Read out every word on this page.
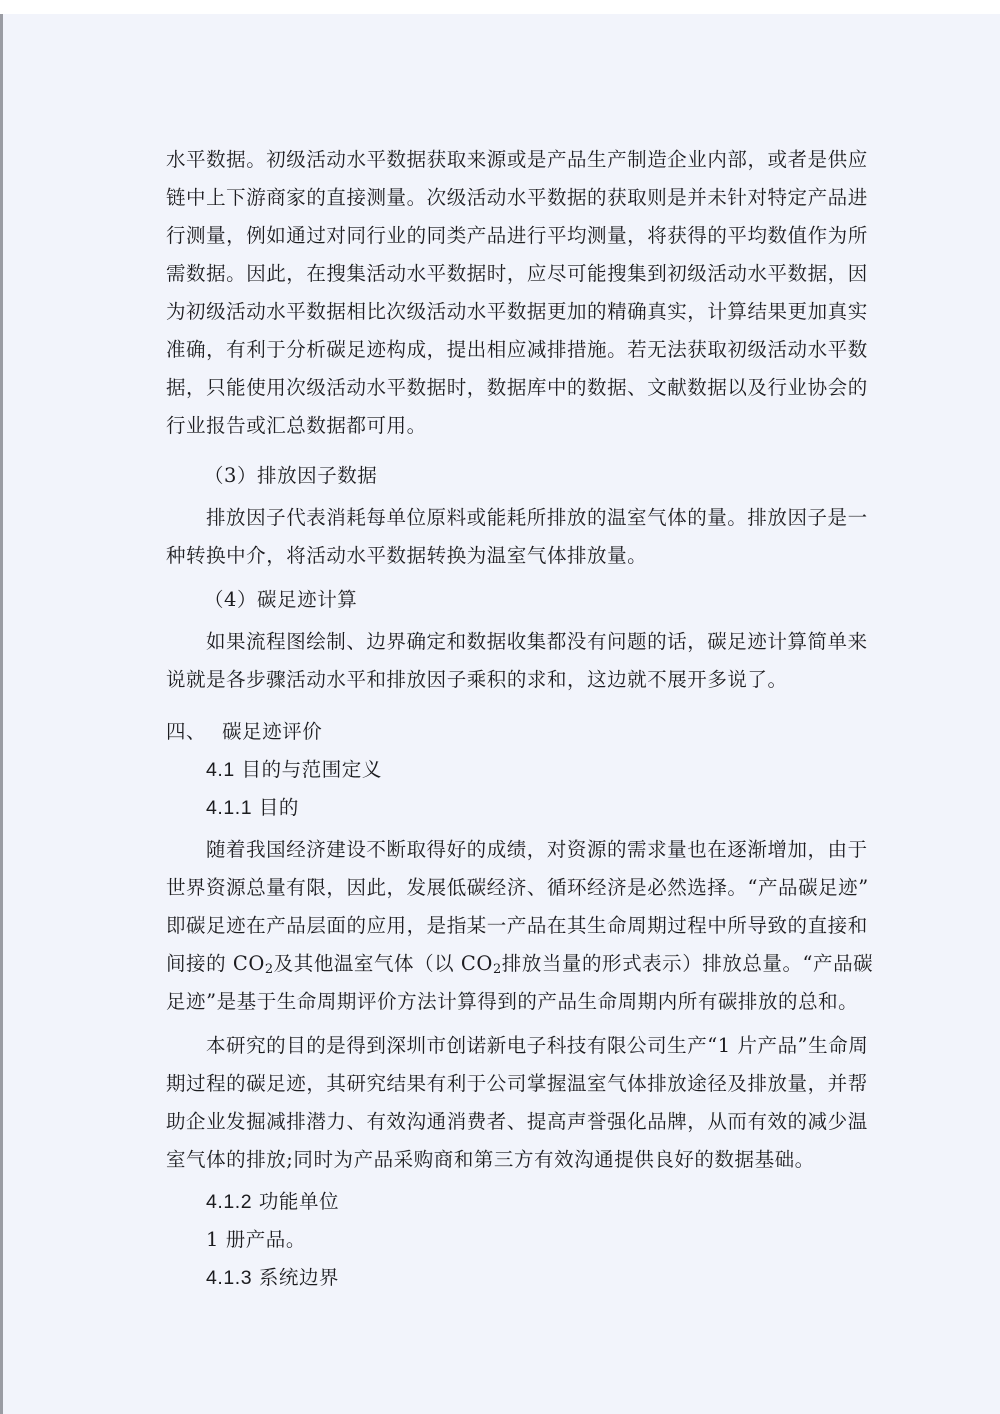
水平数据。初级活动水平数据获取来源或是产品生产制造企业内部，或者是供应
链中上下游商家的直接测量。次级活动水平数据的获取则是并未针对特定产品进
行测量，例如通过对同行业的同类产品进行平均测量，将获得的平均数值作为所
需数据。因此，在搜集活动水平数据时，应尽可能搜集到初级活动水平数据，因
为初级活动水平数据相比次级活动水平数据更加的精确真实，计算结果更加真实
准确，有利于分析碳足迹构成，提出相应减排措施。若无法获取初级活动水平数
据，只能使用次级活动水平数据时，数据库中的数据、文献数据以及行业协会的
行业报告或汇总数据都可用。
（3）排放因子数据
排放因子代表消耗每单位原料或能耗所排放的温室气体的量。排放因子是一
种转换中介，将活动水平数据转换为温室气体排放量。
（4）碳足迹计算
如果流程图绘制、边界确定和数据收集都没有问题的话，碳足迹计算简单来
说就是各步骤活动水平和排放因子乘积的求和，这边就不展开多说了。
四、 碳足迹评价
4.1 目的与范围定义
4.1.1 目的
随着我国经济建设不断取得好的成绩，对资源的需求量也在逐渐增加，由于
世界资源总量有限，因此，发展低碳经济、循环经济是必然选择。“产品碳足迹”
即碳足迹在产品层面的应用，是指某一产品在其生命周期过程中所导致的直接和
间接的 $CO_2$及其他温室气体（以 $CO_2$排放当量的形式表示）排放总量。“产品碳
足迹”是基于生命周期评价方法计算得到的产品生命周期内所有碳排放的总和。
本研究的目的是得到深圳市创诺新电子科技有限公司生产“1 片产品”生命周
期过程的碳足迹，其研究结果有利于公司掌握温室气体排放途径及排放量，并帮
助企业发掘减排潜力、有效沟通消费者、提高声誉强化品牌，从而有效的减少温
室气体的排放;同时为产品采购商和第三方有效沟通提供良好的数据基础。
4.1.2 功能单位
1 册产品。
4.1.3 系统边界
